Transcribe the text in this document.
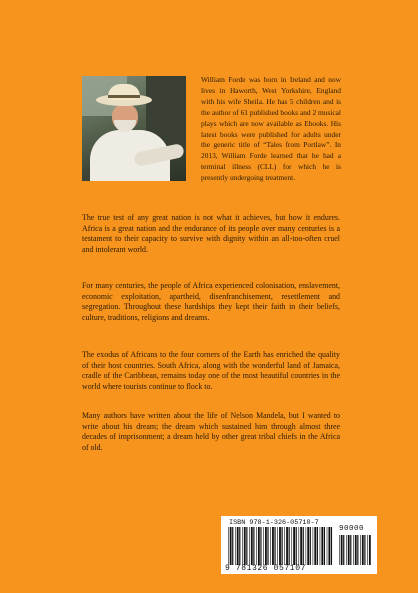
William Forde was born in Ireland and now lives in Haworth, West Yorkshire, England with his wife Sheila. He has 5 children and is the author of 61 published books and 2 musical plays which are now available as Ebooks. His latest books were published for adults under the generic title of “Tales from Portlaw”. In 2013, William Forde learned that he had a terminal illness (CLL) for which he is presently undergoing treatment.

The true test of any great nation is not what it achieves, but how it endures. Africa is a great nation and the endurance of its people over many centuries is a testament to their capacity to survive with dignity within an all-too-often cruel and intolerant world.

For many centuries, the people of Africa experienced colonisation, enslavement, economic exploitation, apartheid, disenfranchisement, resettlement and segregation. Throughout these hardships they kept their faith in their beliefs, culture, traditions, religions and dreams.

The exodus of Africans to the four corners of the Earth has enriched the quality of their host countries. South Africa, along with the wonderful land of Jamaica, cradle of the Caribbean, remains today one of the most beautiful countries in the world where tourists continue to flock to.

Many authors have written about the life of Nelson Mandela, but I wanted to write about his dream; the dream which sustained him through almost three decades of imprisonment; a dream held by other great tribal chiefs in the Africa of old.

ISBN 978-1-326-05710-7
90000
9 781326 057107
